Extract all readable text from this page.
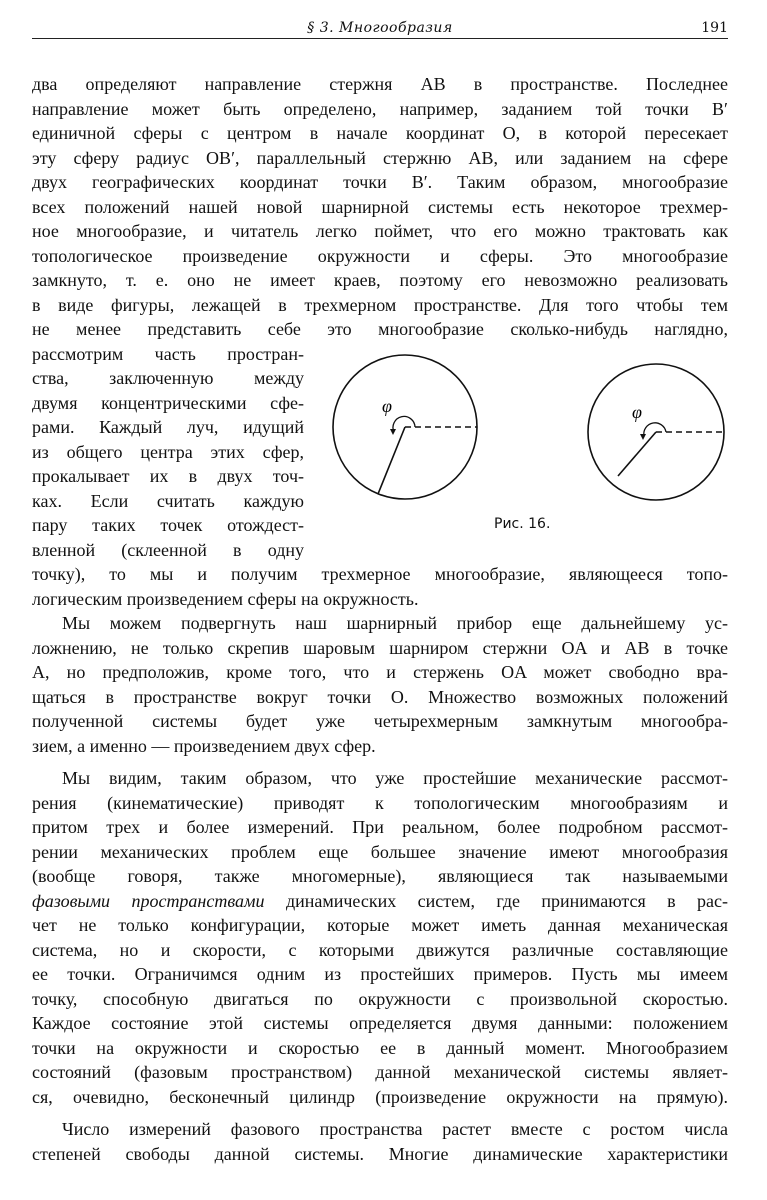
§ 3. Многообразия	191
два определяют направление стержня AB в пространстве. Последнее
направление может быть определено, например, заданием той точки B′
единичной сферы с центром в начале координат O, в которой пересекает
эту сферу радиус OB′, параллельный стержню AB, или заданием на сфере
двух географических координат точки B′. Таким образом, многообразие
всех положений нашей новой шарнирной системы есть некоторое трехмер-
ное многообразие, и читатель легко поймет, что его можно трактовать как
топологическое произведение окружности и сферы. Это многообразие
замкнуто, т. е. оно не имеет краев, поэтому его невозможно реализовать
в виде фигуры, лежащей в трехмерном пространстве. Для того чтобы тем
не менее представить себе это многообразие сколько-нибудь наглядно,
рассмотрим часть простран-
ства, заключенную между
двумя концентрическими сфе-
рами. Каждый луч, идущий
из общего центра этих сфер,
прокалывает их в двух точ-
ках. Если считать каждую
пару таких точек отождест-
вленной (склеенной в одну
точку), то мы и получим трехмерное многообразие, являющееся топо-
логическим произведением сферы на окружность.
Мы можем подвергнуть наш шарнирный прибор еще дальнейшему ус-
ложнению, не только скрепив шаровым шарниром стержни OA и AB в точке
A, но предположив, кроме того, что и стержень OA может свободно вра-
щаться в пространстве вокруг точки O. Множество возможных положений
полученной системы будет уже четырехмерным замкнутым многообра-
зием, а именно — произведением двух сфер.
Мы видим, таким образом, что уже простейшие механические рассмот-
рения (кинематические) приводят к топологическим многообразиям и
притом трех и более измерений. При реальном, более подробном рассмот-
рении механических проблем еще большее значение имеют многообразия
(вообще говоря, также многомерные), являющиеся так называемыми
фазовыми пространствами динамических систем, где принимаются в рас-
чет не только конфигурации, которые может иметь данная механическая
система, но и скорости, с которыми движутся различные составляющие
ее точки. Ограничимся одним из простейших примеров. Пусть мы имеем
точку, способную двигаться по окружности с произвольной скоростью.
Каждое состояние этой системы определяется двумя данными: положением
точки на окружности и скоростью ее в данный момент. Многообразием
состояний (фазовым пространством) данной механической системы являет-
ся, очевидно, бесконечный цилиндр (произведение окружности на прямую).
Число измерений фазового пространства растет вместе с ростом числа
степеней свободы данной системы. Многие динамические характеристики
φ	φ
Рис. 16.
